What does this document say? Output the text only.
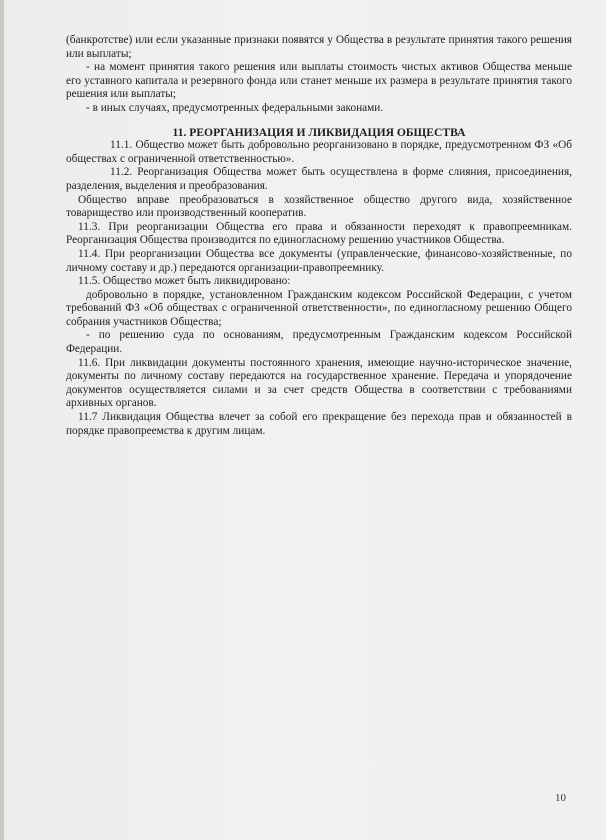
(банкротстве) или если указанные признаки появятся у Общества в результате принятия такого решения или выплаты;

- на момент принятия такого решения или выплаты стоимость чистых активов Общества меньше его уставного капитала и резервного фонда или станет меньше их размера в результате принятия такого решения или выплаты;

- в иных случаях, предусмотренных федеральными законами.

11. РЕОРГАНИЗАЦИЯ И ЛИКВИДАЦИЯ ОБЩЕСТВА

11.1. Общество может быть добровольно реорганизовано в порядке, предусмотренном ФЗ «Об обществах с ограниченной ответственностью».

11.2. Реорганизация Общества может быть осуществлена в форме слияния, присоединения, разделения, выделения и преобразования.

Общество вправе преобразоваться в хозяйственное общество другого вида, хозяйственное товарищество или производственный кооператив.

11.3. При реорганизации Общества его права и обязанности переходят к правопреемникам. Реорганизация Общества производится по единогласному решению участников Общества.

11.4. При реорганизации Общества все документы (управленческие, финансово-хозяйственные, по личному составу и др.) передаются организации-правопреемнику.

11.5. Общество может быть ликвидировано:

добровольно в порядке, установленном Гражданским кодексом Российской Федерации, с учетом требований ФЗ «Об обществах с ограниченной ответственности», по единогласному решению Общего собрания участников Общества;

- по решению суда по основаниям, предусмотренным Гражданским кодексом Российской Федерации.

11.6. При ликвидации документы постоянного хранения, имеющие научно-историческое значение, документы по личному составу передаются на государственное хранение. Передача и упорядочение документов осуществляется силами и за счет средств Общества в соответствии с требованиями архивных органов.

11.7 Ликвидация Общества влечет за собой его прекращение без перехода прав и обязанностей в порядке правопреемства к другим лицам.

10
